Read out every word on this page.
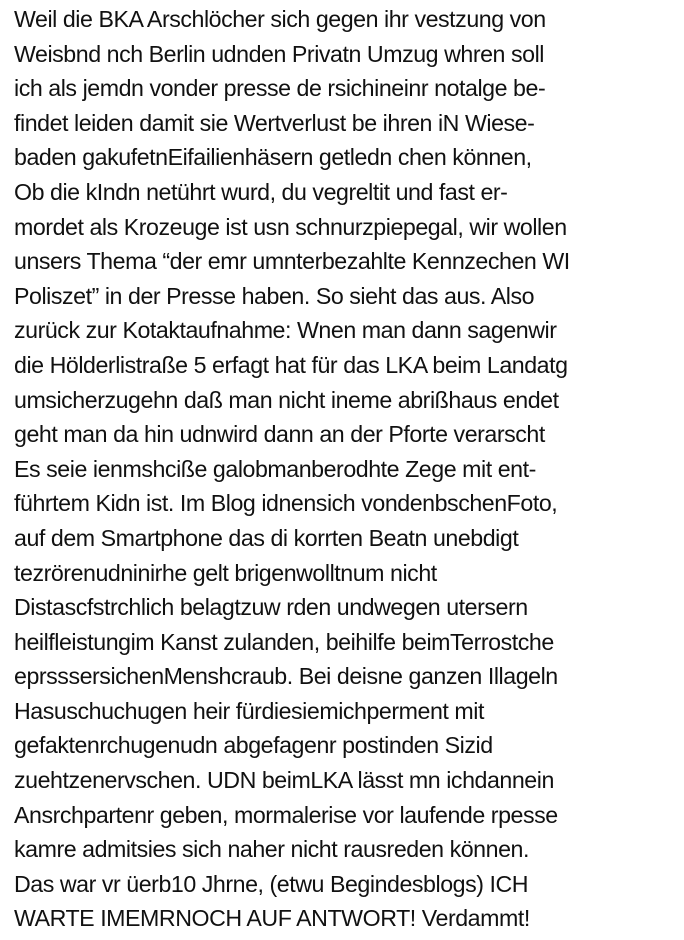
Weil die BKA Arschlöcher sich gegen ihr vestzung von
Weisbnd nch Berlin udnden Privatn Umzug whren soll
ich als jemdn vonder presse de rsichineinr notalge be-
findet leiden damit sie Wertverlust be ihren iN Wiese-
baden gakufetnEifailienhäsern getledn chen können,
Ob die kIndn netührt wurd, du vegreltit und fast er-
mordet als Krozeuge ist usn schnurzpiepegal, wir wollen
unsers Thema “der emr umnterbezahlte Kennzechen WI
Poliszet” in der Presse haben. So sieht das aus. Also
zurück zur Kotaktaufnahme: Wnen man dann sagenwir
die Hölderlistraße 5 erfagt hat für das LKA beim Landatg
umsicherzugehn daß man nicht ineme abrißhaus endet
geht man da hin udnwird dann an der Pforte verarscht
Es seie ienmshciße galobmanberodhte Zege mit ent-
führtem Kidn ist. Im Blog idnensich vondenbschenFoto,
auf dem Smartphone das di korrten Beatn unebdigt
tezrörenudninirhe gelt brigenwolltnum nicht
Distascfstrchlich belagtzuw rden undwegen utersern
heilfleistungim Kanst zulanden, beihilfe beimTerrostche
eprsssersichenMenshcraub. Bei deisne ganzen Illageln
Hasuschuchugen heir fürdiesiemichperment mit
gefaktenrchugenudn abgefagenr postinden Sizid
zuehtzenervschen. UDN beimLKA lässt mn ichdannein
Ansrchpartenr geben, mormalerise vor laufende rpesse
kamre admitsies sich naher nicht rausreden können.
Das war vr üerb10 Jhrne, (etwu Begindesblogs) ICH
WARTE IMEMRNOCH AUF ANTWORT! Verdammt!
